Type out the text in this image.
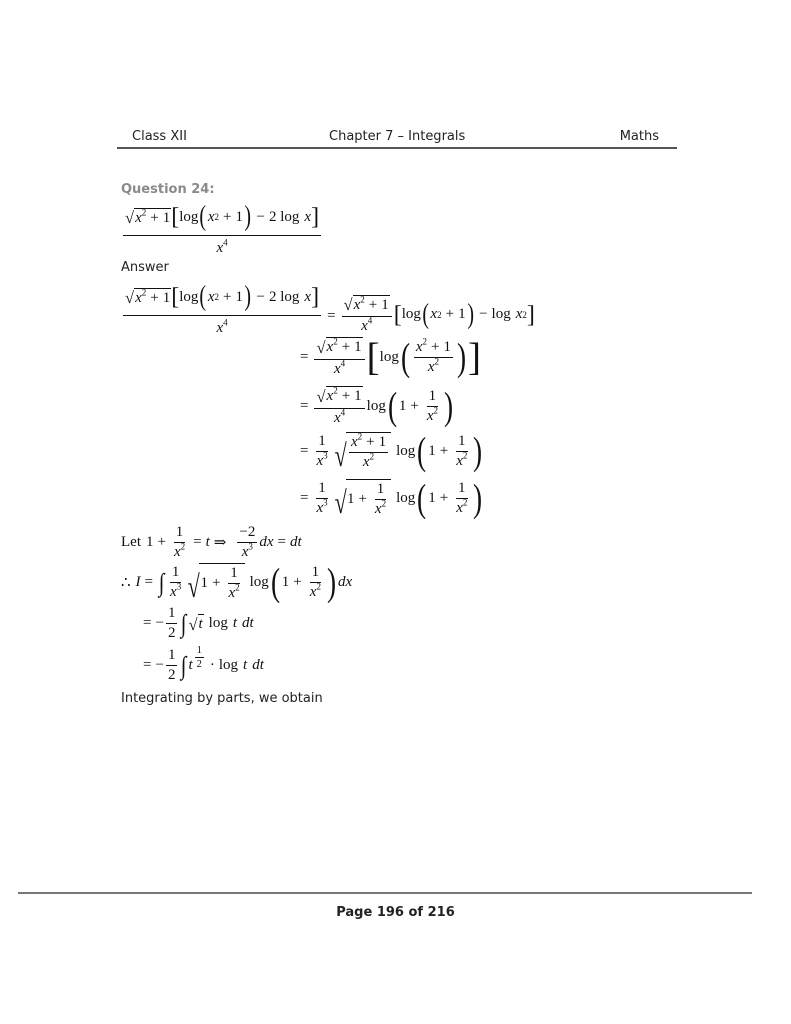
Class XII	Chapter 7 – Integrals	Maths
Question 24:
$\frac{√ x^2 + 1 [ \log ( x 2 + 1 ) - 2 \log x ]}{x^4}$
Answer
$\frac{√ x^2 + 1 [ \log ( x 2 + 1 ) - 2 \log x ]}{x^4} = \frac{√ x^2 + 1}{x^4}$ [ log ( x 2 + 1 ) − log x 2 ]
= $\frac{√ x^2 + 1}{x^4}$ [ log ( $\frac{x^2 + 1}{x^2}$ ) ]
= $\frac{√ x^2 + 1}{x^4}$ log ( $1 + \frac{1}{x^2}$ )
= $\frac{1}{x^3}$ √ $\frac{x^2 + 1}{x^2}$ log ( $1 + \frac{1}{x^2}$ )
= $\frac{1}{x^3}$ √ $1 + \frac{1}{x^2}$ log ( $1 + \frac{1}{x^2}$ )
Let $1 + \frac{1}{x^2} = t$ ⇒ $\frac{-2}{x^3}$ dx = dt
∴ I = ∫ $\frac{1}{x^3}$ √ $1 + \frac{1}{x^2}$ log ( $1 + \frac{1}{x^2}$ ) dx
= − $\frac{1}{2}$ ∫ √ t log t dt
= − $\frac{1}{2}$ ∫ t $\frac{1}{2} \cdot \log t$ dt
Integrating by parts, we obtain
Page 196 of 216
